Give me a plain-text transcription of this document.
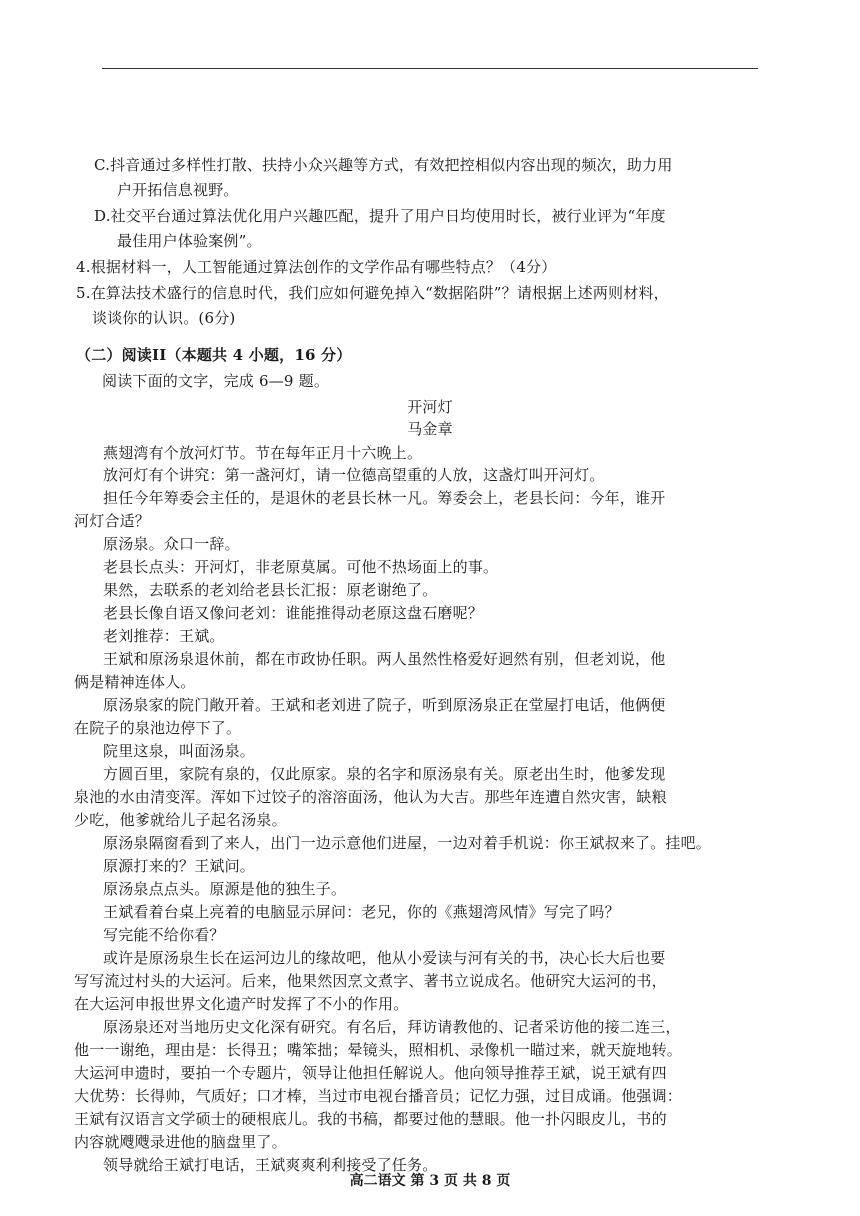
C.抖音通过多样性打散、扶持小众兴趣等方式，有效把控相似内容出现的频次，助力用
户开拓信息视野。
D.社交平台通过算法优化用户兴趣匹配，提升了用户日均使用时长，被行业评为“年度
最佳用户体验案例”。
4.根据材料一，人工智能通过算法创作的文学作品有哪些特点？（4分）
5.在算法技术盛行的信息时代，我们应如何避免掉入“数据陷阱”？请根据上述两则材料，
谈谈你的认识。(6分)
（二）阅读II（本题共 4 小题，16 分）
阅读下面的文字，完成 6—9 题。
开河灯
马金章
燕翅湾有个放河灯节。节在每年正月十六晚上。
放河灯有个讲究：第一盏河灯，请一位德高望重的人放，这盏灯叫开河灯。
担任今年筹委会主任的，是退休的老县长林一凡。筹委会上，老县长问：今年，谁开
河灯合适？
原汤泉。众口一辞。
老县长点头：开河灯，非老原莫属。可他不热场面上的事。
果然，去联系的老刘给老县长汇报：原老谢绝了。
老县长像自语又像问老刘：谁能推得动老原这盘石磨呢？
老刘推荐：王斌。
王斌和原汤泉退休前，都在市政协任职。两人虽然性格爱好迥然有别，但老刘说，他
俩是精神连体人。
原汤泉家的院门敞开着。王斌和老刘进了院子，听到原汤泉正在堂屋打电话，他俩便
在院子的泉池边停下了。
院里这泉，叫面汤泉。
方圆百里，家院有泉的，仅此原家。泉的名字和原汤泉有关。原老出生时，他爹发现
泉池的水由清变浑。浑如下过饺子的溶溶面汤，他认为大吉。那些年连遭自然灾害，缺粮
少吃，他爹就给儿子起名汤泉。
原汤泉隔窗看到了来人，出门一边示意他们进屋，一边对着手机说：你王斌叔来了。挂吧。
原源打来的？王斌问。
原汤泉点点头。原源是他的独生子。
王斌看着台桌上亮着的电脑显示屏问：老兄，你的《燕翅湾风情》写完了吗？
写完能不给你看？
或许是原汤泉生长在运河边儿的缘故吧，他从小爱读与河有关的书，决心长大后也要
写写流过村头的大运河。后来，他果然因烹文煮字、著书立说成名。他研究大运河的书，
在大运河申报世界文化遗产时发挥了不小的作用。
原汤泉还对当地历史文化深有研究。有名后，拜访请教他的、记者采访他的接二连三，
他一一谢绝，理由是：长得丑；嘴笨拙；晕镜头，照相机、录像机一瞄过来，就天旋地转。
大运河申遗时，要拍一个专题片，领导让他担任解说人。他向领导推荐王斌，说王斌有四
大优势：长得帅，气质好；口才棒，当过市电视台播音员；记忆力强，过目成诵。他强调：
王斌有汉语言文学硕士的硬根底儿。我的书稿，都要过他的慧眼。他一扑闪眼皮儿，书的
内容就飕飕录进他的脑盘里了。
领导就给王斌打电话，王斌爽爽利利接受了任务。
高二语文 第 3 页 共 8 页
